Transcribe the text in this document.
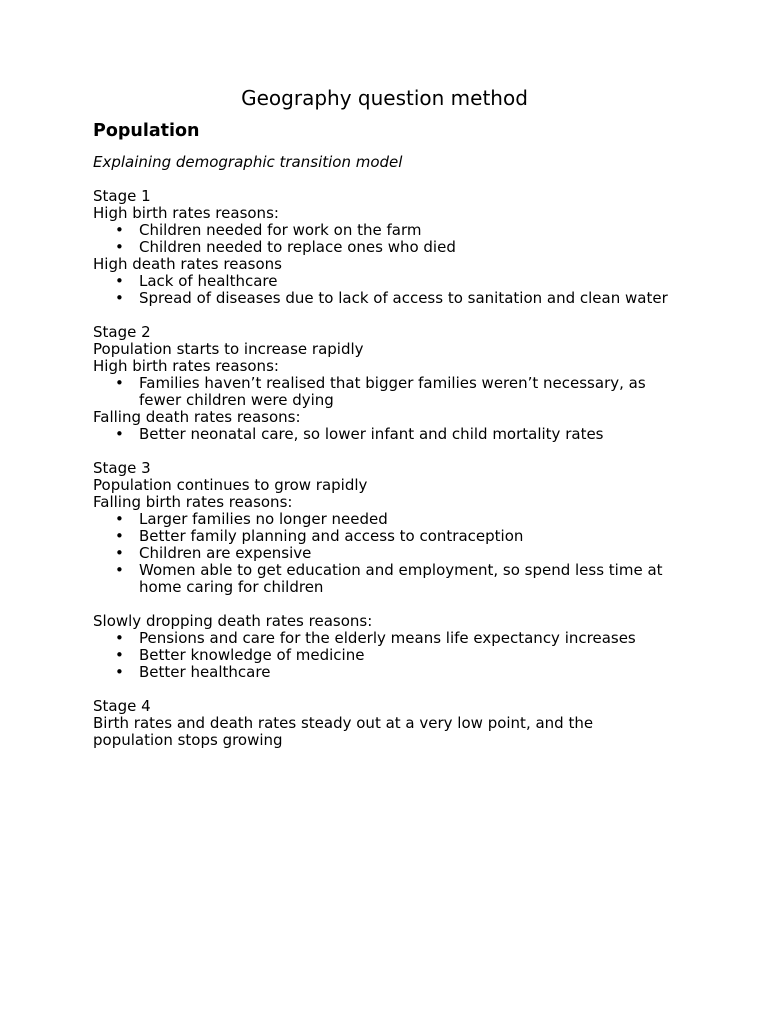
Geography question method
Population
Explaining demographic transition model

Stage 1

High birth rates reasons:

• Children needed for work on the farm
• Children needed to replace ones who died

High death rates reasons

• Lack of healthcare
• Spread of diseases due to lack of access to sanitation and clean water

Stage 2

Population starts to increase rapidly

High birth rates reasons:

• Families haven’t realised that bigger families weren’t necessary, as fewer children were dying

Falling death rates reasons:

• Better neonatal care, so lower infant and child mortality rates

Stage 3

Population continues to grow rapidly

Falling birth rates reasons:

• Larger families no longer needed
• Better family planning and access to contraception
• Children are expensive
• Women able to get education and employment, so spend less time at home caring for children

Slowly dropping death rates reasons:

• Pensions and care for the elderly means life expectancy increases
• Better knowledge of medicine
• Better healthcare

Stage 4

Birth rates and death rates steady out at a very low point, and the population stops growing
